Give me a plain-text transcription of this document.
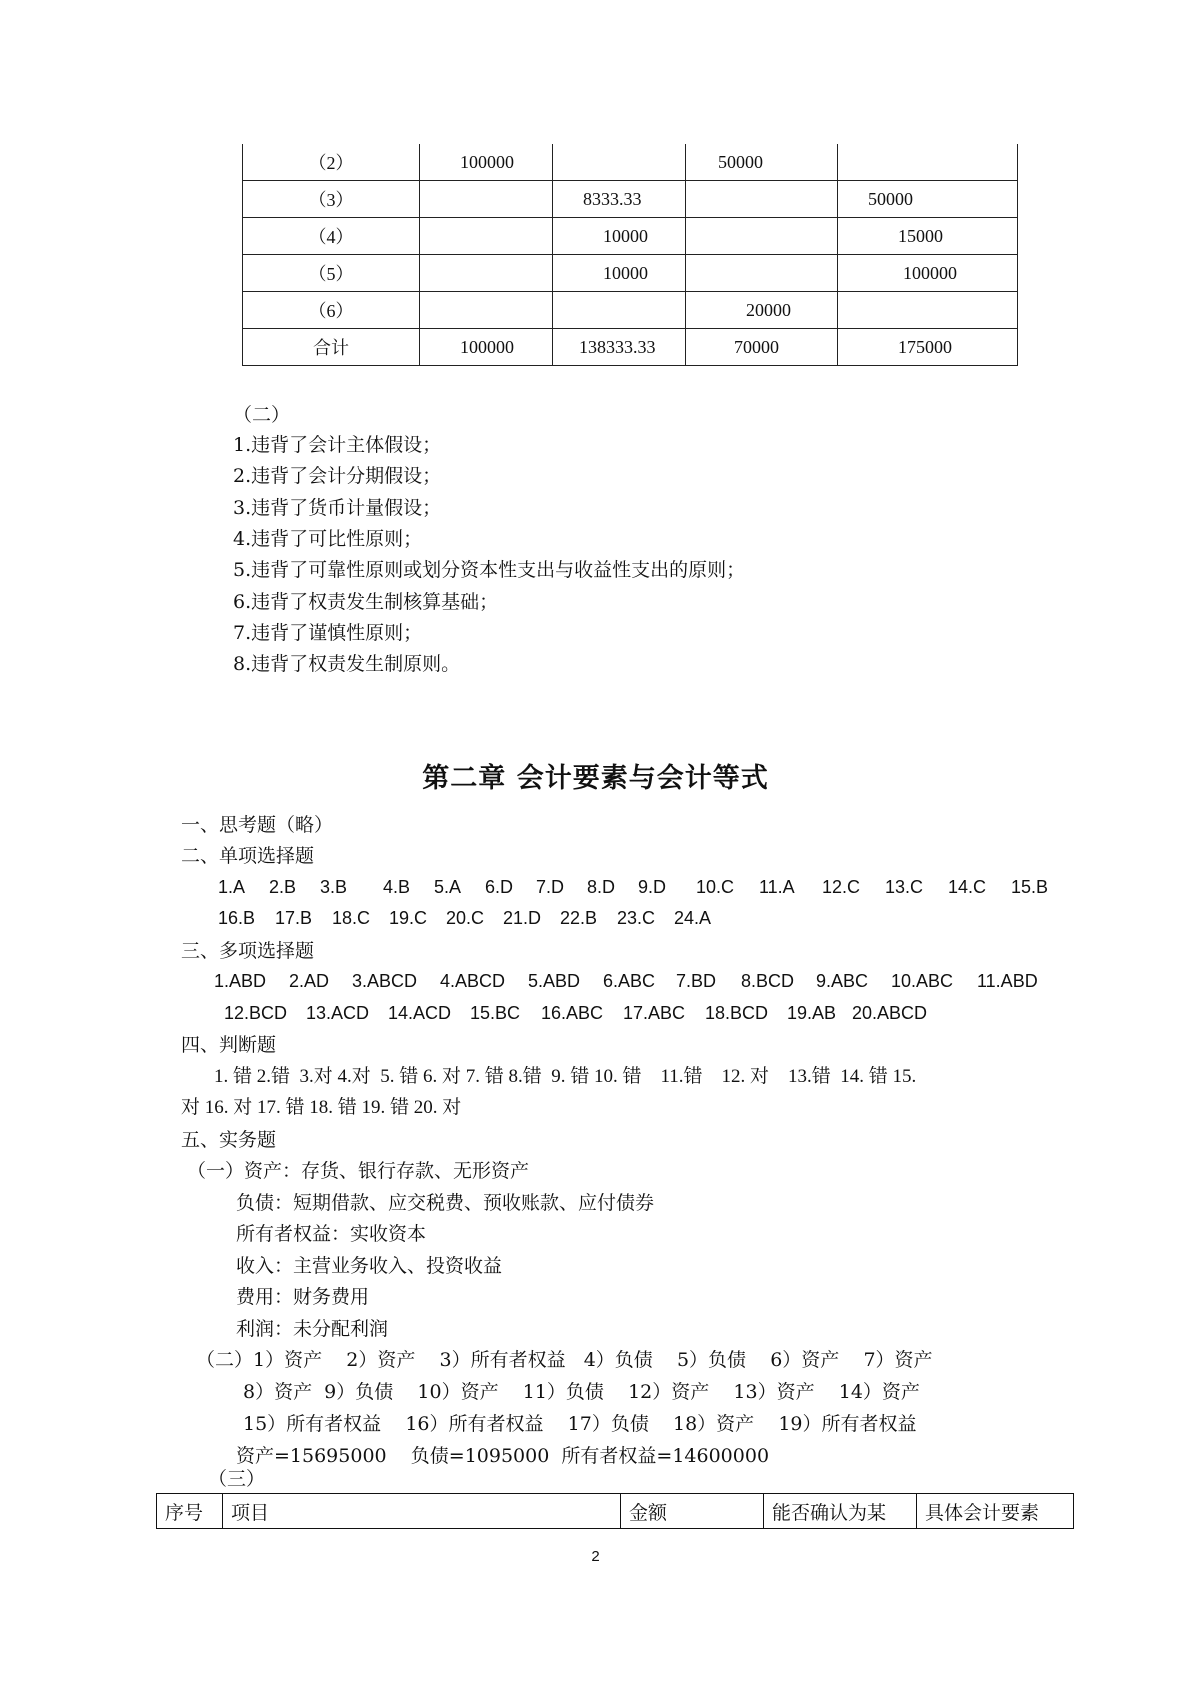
（2）	100000		50000	
（3）		8333.33		50000
（4）		10000		15000
（5）		10000		100000
（6）			20000	
合计	100000	138333.33	70000	175000
（二）
1.违背了会计主体假设；
2.违背了会计分期假设；
3.违背了货币计量假设；
4.违背了可比性原则；
5.违背了可靠性原则或划分资本性支出与收益性支出的原则；
6.违背了权责发生制核算基础；
7.违背了谨慎性原则；
8.违背了权责发生制原则。
第二章 会计要素与会计等式
一、思考题（略）
二、单项选择题
1.A 2.B 3.B 4.B 5.A 6.D 7.D 8.D 9.D 10.C 11.A 12.C 13.C 14.C 15.B
16.B 17.B 18.C 19.C 20.C 21.D 22.B 23.C 24.A
三、多项选择题
1.ABD 2.AD 3.ABCD 4.ABCD 5.ABD 6.ABC 7.BD 8.BCD 9.ABC 10.ABC 11.ABD
12.BCD 13.ACD 14.ACD 15.BC 16.ABC 17.ABC 18.BCD 19.AB 20.ABCD
四、判断题
1. 错 2.错  3.对 4.对  5. 错 6. 对 7. 错 8.错  9. 错 10. 错    11.错    12. 对    13.错  14. 错 15.
对 16. 对 17. 错 18. 错 19. 错 20. 对
五、实务题
（一）资产：存货、银行存款、无形资产
负债：短期借款、应交税费、预收账款、应付债券
所有者权益：实收资本
收入：主营业务收入、投资收益
费用：财务费用
利润：未分配利润
（二）1）资产    2）资产    3）所有者权益   4）负债    5）负债    6）资产    7）资产
8）资产  9）负债    10）资产    11）负债    12）资产    13）资产    14）资产
15）所有者权益    16）所有者权益    17）负债    18）资产    19）所有者权益
资产=15695000    负债=1095000  所有者权益=14600000
（三）
序号	项目	金额	能否确认为某	具体会计要素
2
